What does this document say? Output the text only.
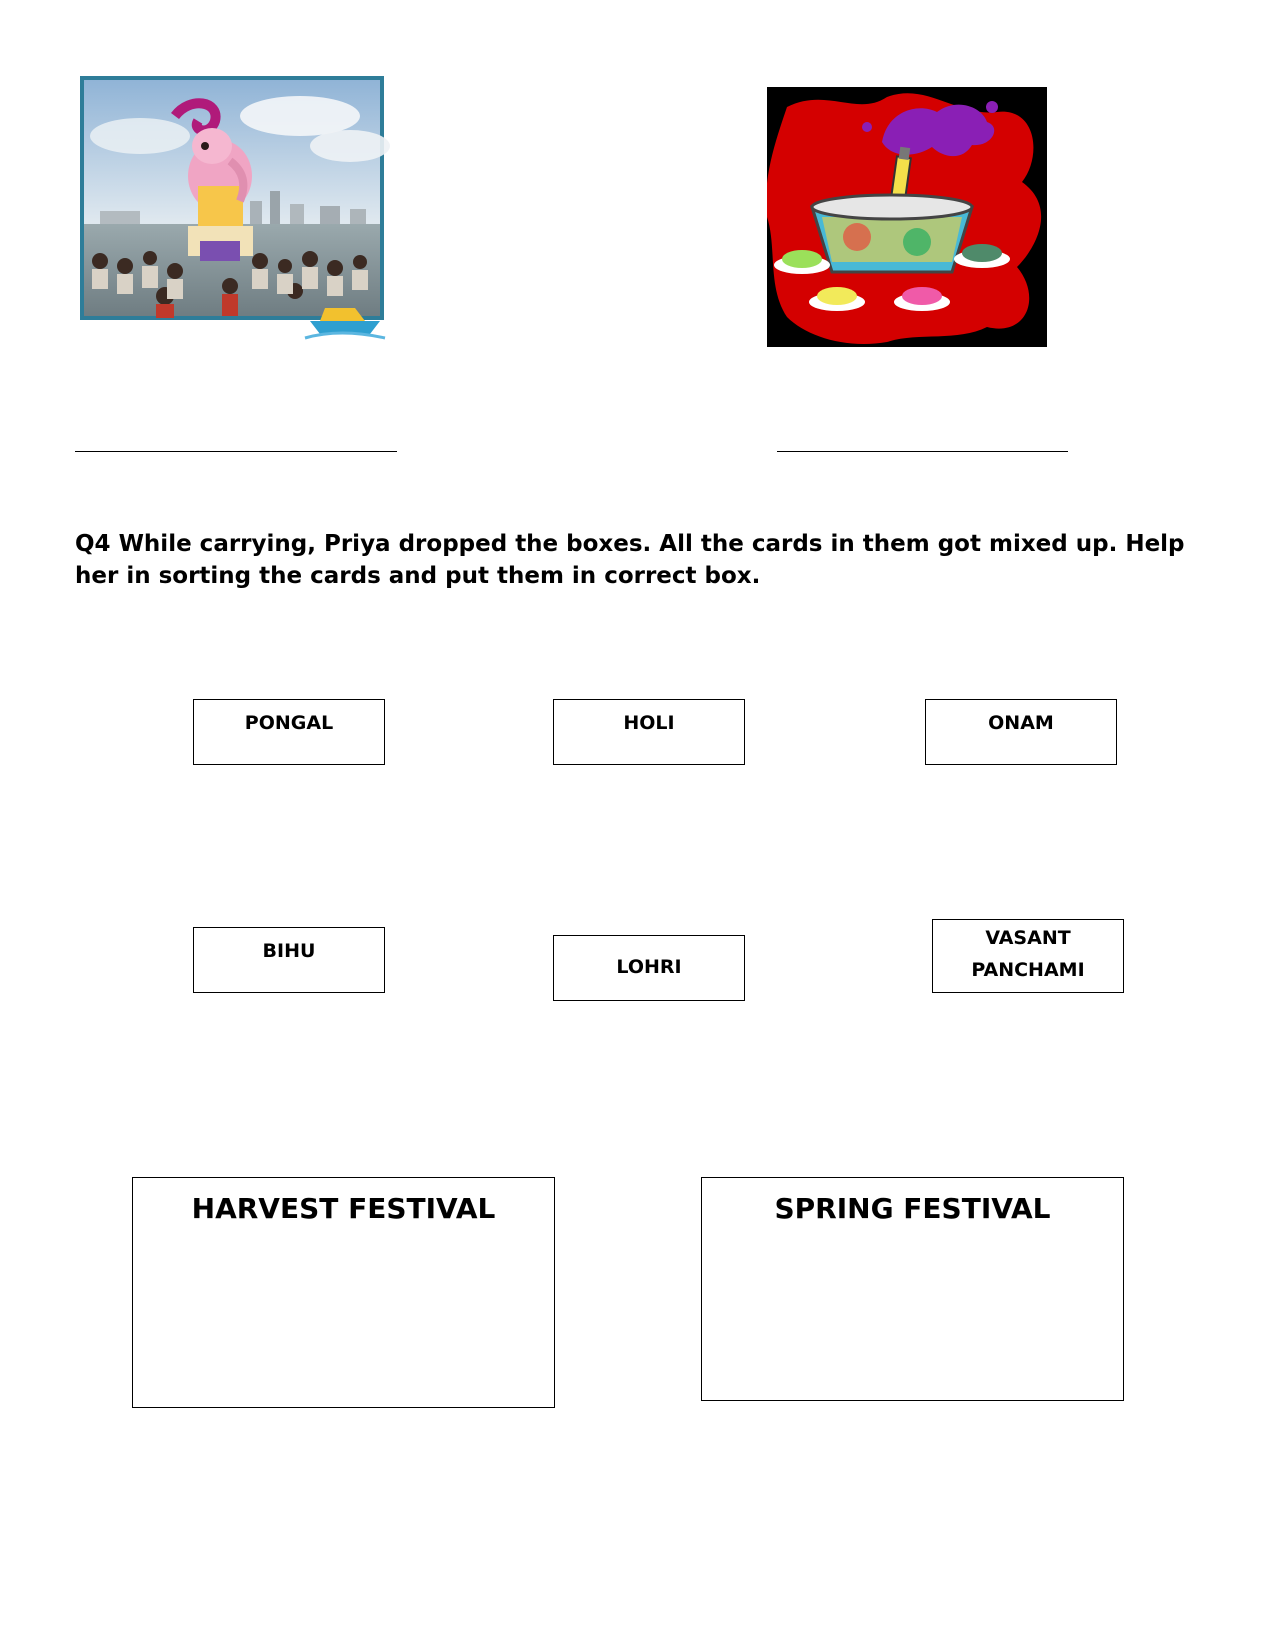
Q4 While carrying, Priya dropped the boxes. All the cards in them got mixed up. Help her in sorting the cards and put them in correct box.

PONGAL	HOLI	ONAM
BIHU
LOHRI
VASANT
PANCHAMI
HARVEST FESTIVAL	SPRING FESTIVAL
